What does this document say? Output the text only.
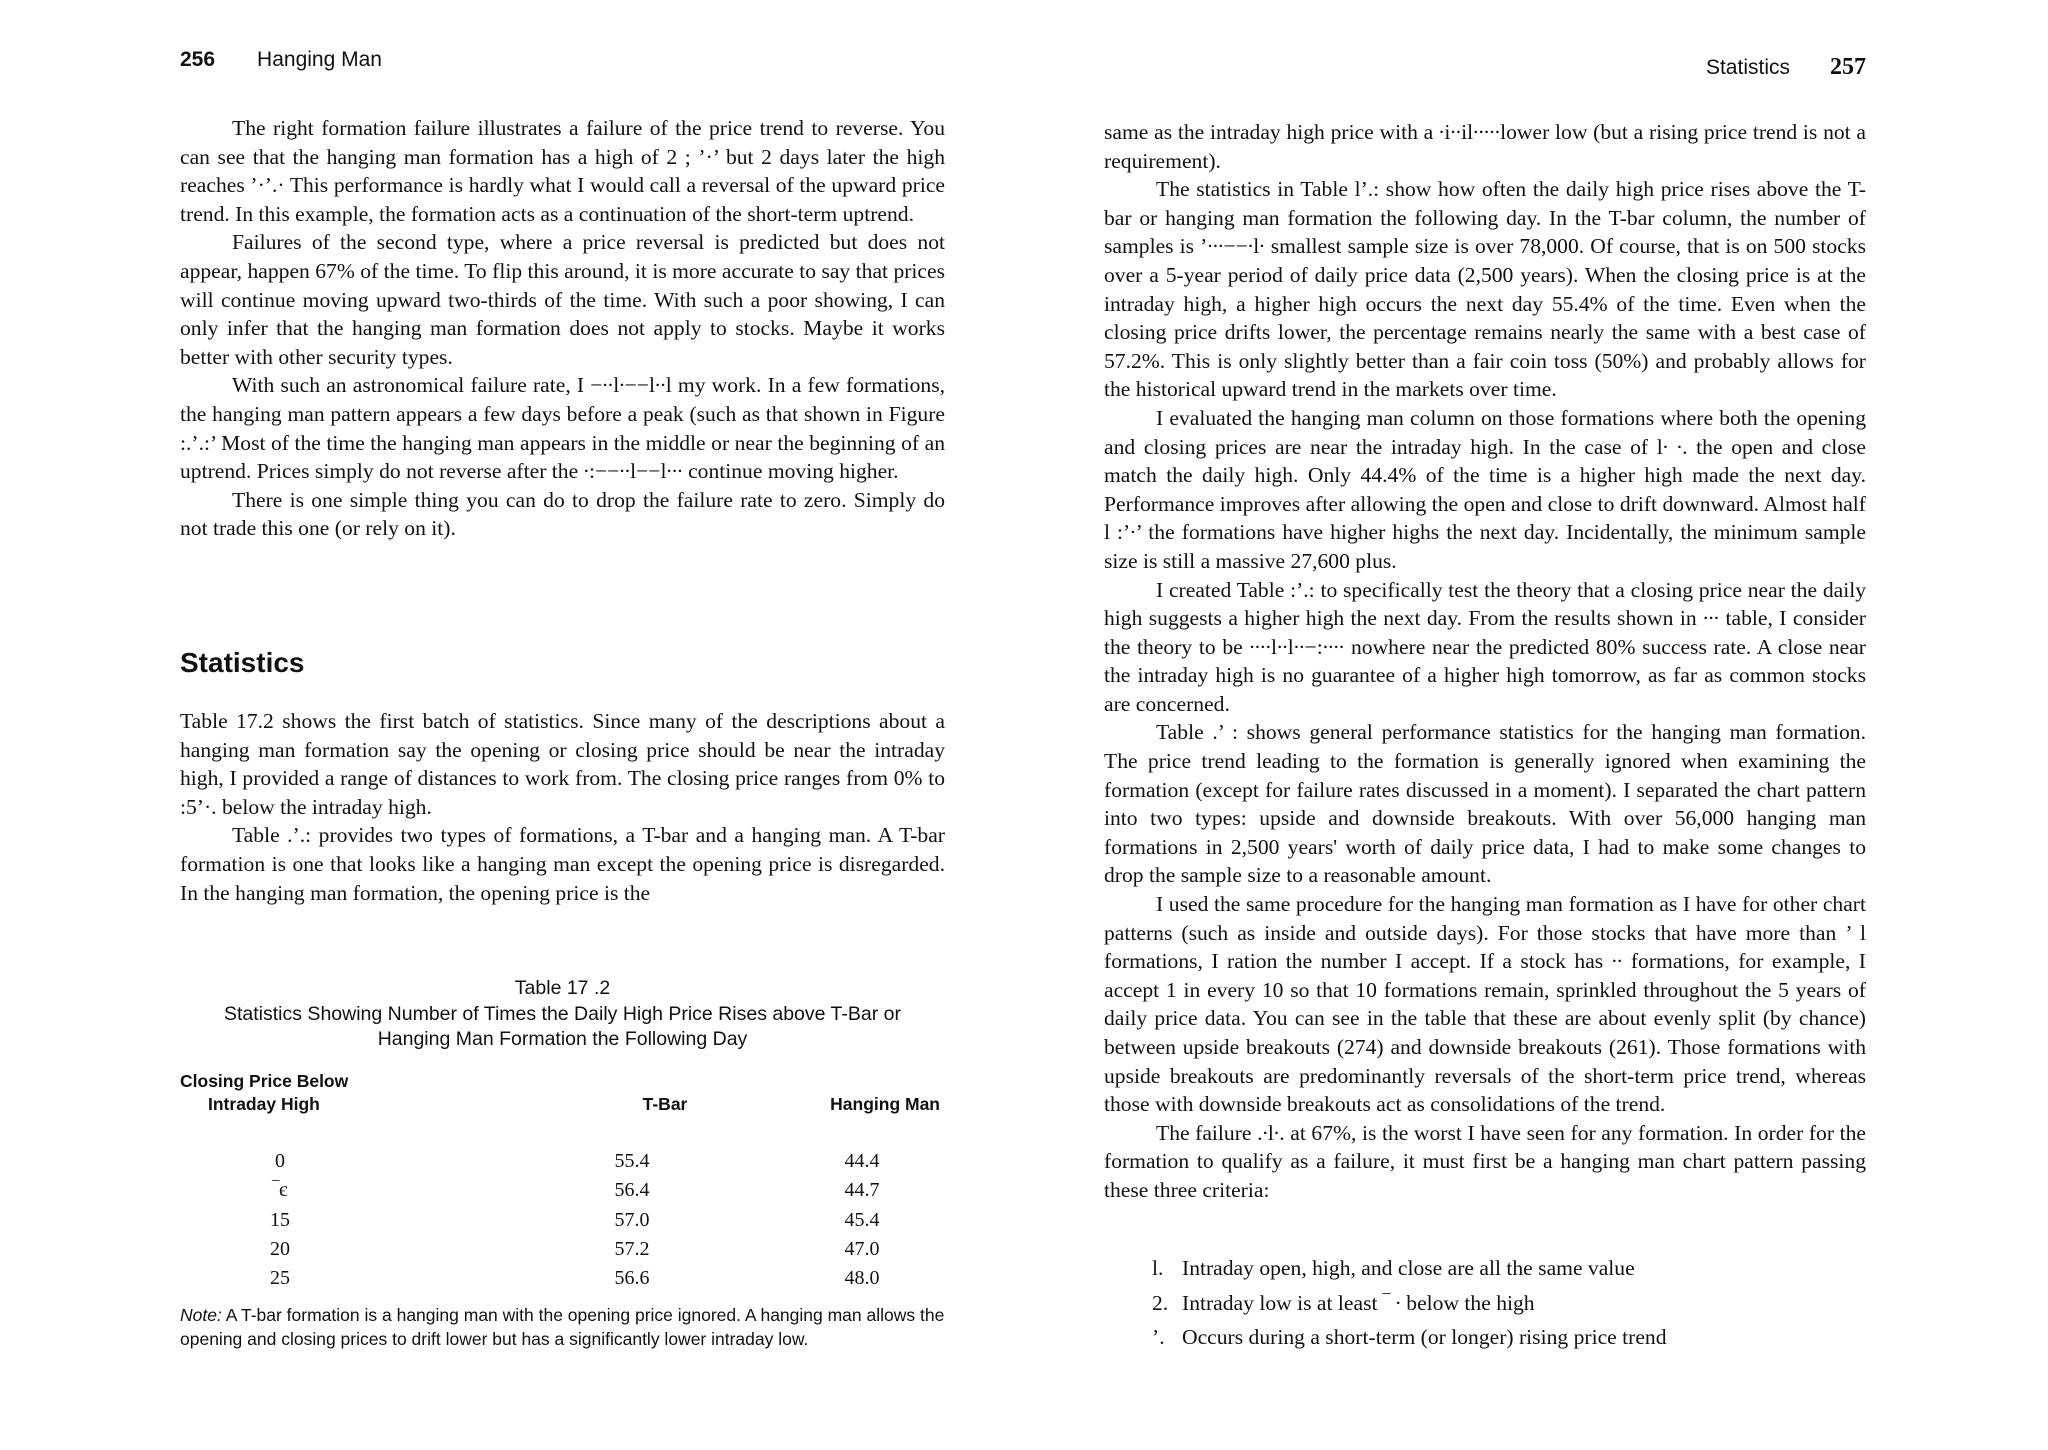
256 Hanging Man

The right formation failure illustrates a failure of the price trend to reverse. You can see that the hanging man formation has a high of 2 ; ’·’ but 2 days later the high reaches ’·’.· This performance is hardly what I would call a reversal of the upward price trend. In this example, the formation acts as a continuation of the short-term uptrend.

Failures of the second type, where a price reversal is predicted but does not appear, happen 67% of the time. To flip this around, it is more accurate to say that prices will continue moving upward two-thirds of the time. With such a poor showing, I can only infer that the hanging man formation does not apply to stocks. Maybe it works better with other security types.

With such an astronomical failure rate, I −∙∙l∙−−l∙∙l my work. In a few formations, the hanging man pattern appears a few days before a peak (such as that shown in Figure :.’.:’ Most of the time the hanging man appears in the middle or near the beginning of an uptrend. Prices simply do not reverse after the ∙:−−∙∙l−−l∙∙∙ continue moving higher.

There is one simple thing you can do to drop the failure rate to zero. Simply do not trade this one (or rely on it).

Statistics

Table 17.2 shows the first batch of statistics. Since many of the descriptions about a hanging man formation say the opening or closing price should be near the intraday high, I provided a range of distances to work from. The closing price ranges from 0% to :5’·. below the intraday high.

Table .’.: provides two types of formations, a T-bar and a hanging man. A T-bar formation is one that looks like a hanging man except the opening price is disregarded. In the hanging man formation, the opening price is the

Table 17 .2
Statistics Showing Number of Times the Daily High Price Rises above T-Bar or Hanging Man Formation the Following Day
Closing Price Below
Intraday High	T-Bar	Hanging Man
0	55.4	44.4
‾є	56.4	44.7
15	57.0	45.4
20	57.2	47.0
25	56.6	48.0
Note: A T-bar formation is a hanging man with the opening price ignored. A hanging man allows the opening and closing prices to drift lower but has a significantly lower intraday low.
Statistics 257

same as the intraday high price with a ∙i∙∙il∙∙∙∙∙lower low (but a rising price trend is not a requirement).

The statistics in Table l’.: show how often the daily high price rises above the T-bar or hanging man formation the following day. In the T-bar column, the number of samples is ’∙∙∙−−∙l∙ smallest sample size is over 78,000. Of course, that is on 500 stocks over a 5-year period of daily price data (2,500 years). When the closing price is at the intraday high, a higher high occurs the next day 55.4% of the time. Even when the closing price drifts lower, the percentage remains nearly the same with a best case of 57.2%. This is only slightly better than a fair coin toss (50%) and probably allows for the historical upward trend in the markets over time.

I evaluated the hanging man column on those formations where both the opening and closing prices are near the intraday high. In the case of l∙ ∙. the open and close match the daily high. Only 44.4% of the time is a higher high made the next day. Performance improves after allowing the open and close to drift downward. Almost half l :’∙’ the formations have higher highs the next day. Incidentally, the minimum sample size is still a massive 27,600 plus.

I created Table :’.: to specifically test the theory that a closing price near the daily high suggests a higher high the next day. From the results shown in ∙∙∙ table, I consider the theory to be ∙∙∙∙l∙∙l∙∙−:∙∙∙∙ nowhere near the predicted 80% success rate. A close near the intraday high is no guarantee of a higher high tomorrow, as far as common stocks are concerned.

Table .’ : shows general performance statistics for the hanging man formation. The price trend leading to the formation is generally ignored when examining the formation (except for failure rates discussed in a moment). I separated the chart pattern into two types: upside and downside breakouts. With over 56,000 hanging man formations in 2,500 years' worth of daily price data, I had to make some changes to drop the sample size to a reasonable amount.

I used the same procedure for the hanging man formation as I have for other chart patterns (such as inside and outside days). For those stocks that have more than ’ l formations, I ration the number I accept. If a stock has ∙∙ formations, for example, I accept 1 in every 10 so that 10 formations remain, sprinkled throughout the 5 years of daily price data. You can see in the table that these are about evenly split (by chance) between upside breakouts (274) and downside breakouts (261). Those formations with upside breakouts are predominantly reversals of the short-term price trend, whereas those with downside breakouts act as consolidations of the trend.

The failure .∙l∙. at 67%, is the worst I have seen for any formation. In order for the formation to qualify as a failure, it must first be a hanging man chart pattern passing these three criteria:

l. Intraday open, high, and close are all the same value
2. Intraday low is at least ‾ ∙ below the high
’. Occurs during a short-term (or longer) rising price trend
